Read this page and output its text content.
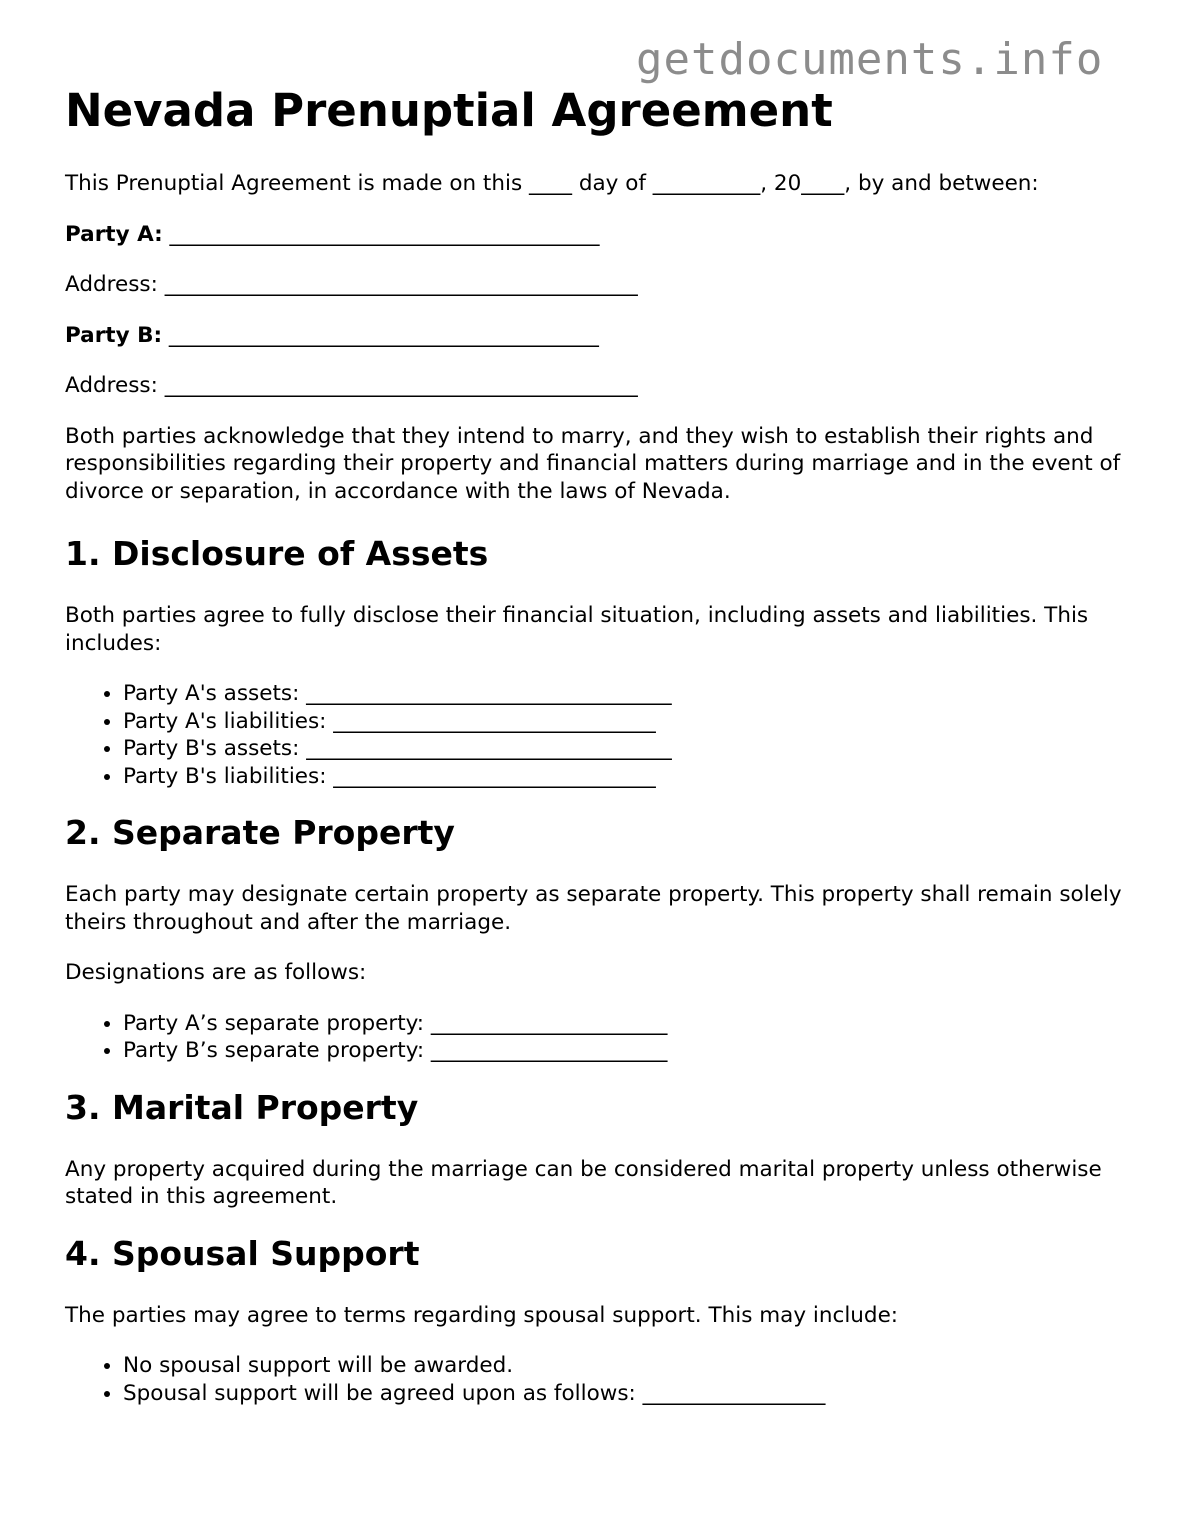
getdocuments.info
Nevada Prenuptial Agreement

This Prenuptial Agreement is made on this ____ day of __________, 20____, by and between:

Party A: ________________________________________

Address: ____________________________________________

Party B: ________________________________________

Address: ____________________________________________

Both parties acknowledge that they intend to marry, and they wish to establish their rights and responsibilities regarding their property and financial matters during marriage and in the event of divorce or separation, in accordance with the laws of Nevada.

1. Disclosure of Assets

Both parties agree to fully disclose their financial situation, including assets and liabilities. This includes:

• Party A's assets: __________________________________
• Party A's liabilities: ______________________________
• Party B's assets: __________________________________
• Party B's liabilities: ______________________________
2. Separate Property

Each party may designate certain property as separate property. This property shall remain solely theirs throughout and after the marriage.

Designations are as follows:

• Party A’s separate property: ______________________
• Party B’s separate property: ______________________
3. Marital Property

Any property acquired during the marriage can be considered marital property unless otherwise stated in this agreement.

4. Spousal Support

The parties may agree to terms regarding spousal support. This may include:

• No spousal support will be awarded.
• Spousal support will be agreed upon as follows: _________________
